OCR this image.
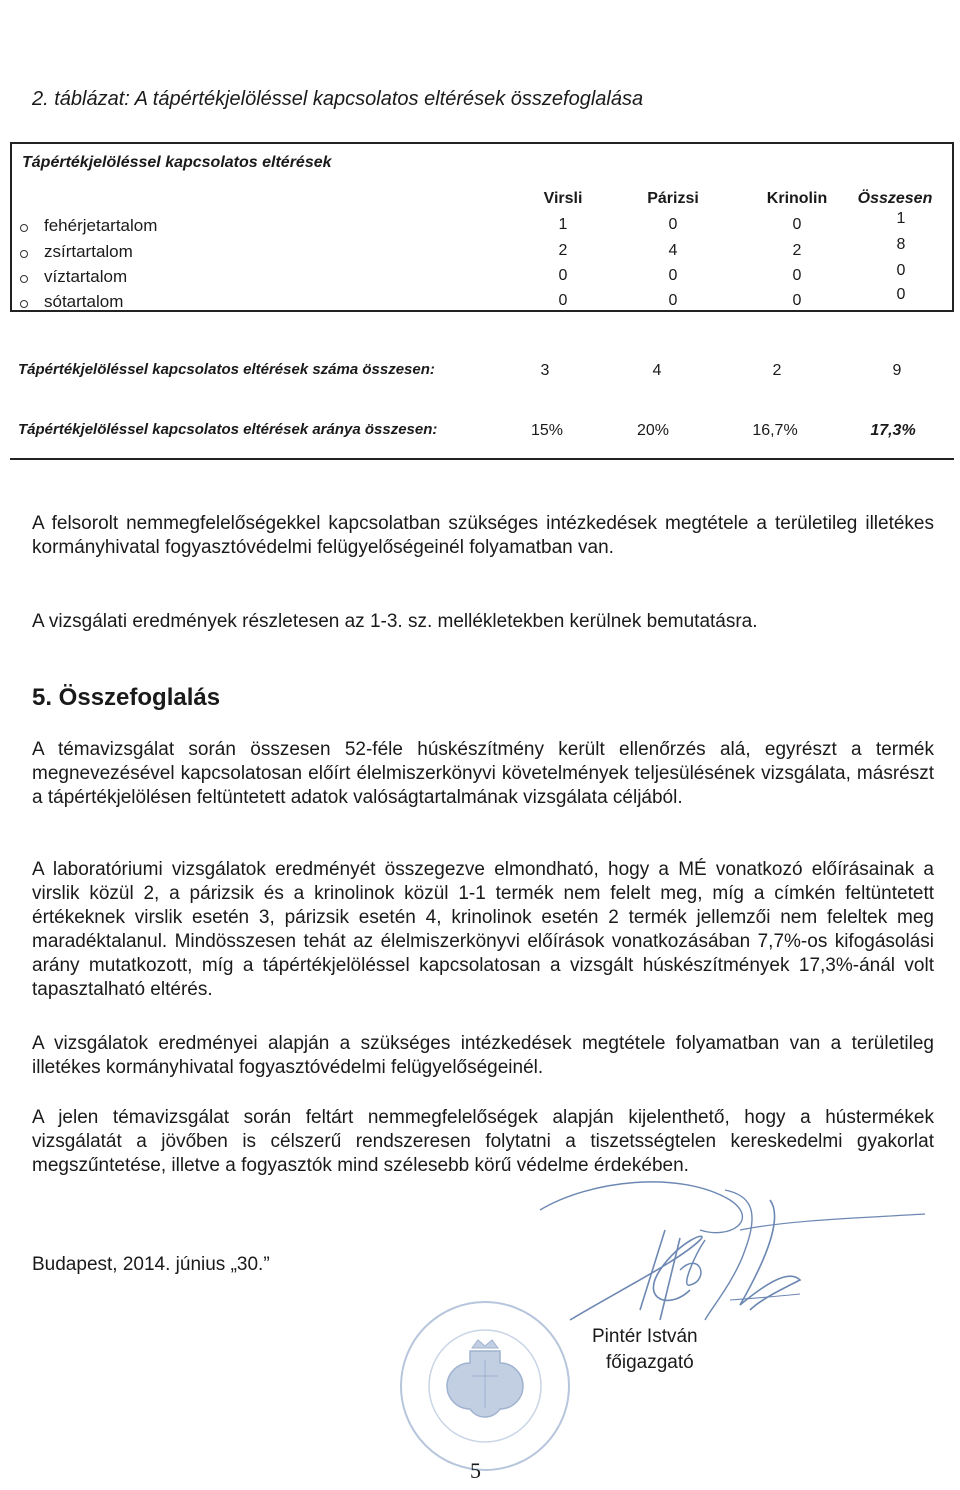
2. táblázat: A tápértékjelöléssel kapcsolatos eltérések összefoglalása
Tápértékjelöléssel kapcsolatos eltérések
Virsli	Párizsi	Krinolin	Összesen
fehérjetartalom	1	0	0	1
zsírtartalom	2	4	2	8
víztartalom	0	0	0	0
sótartalom	0	0	0	0
Tápértékjelöléssel kapcsolatos eltérések száma összesen:	3	4	2	9
Tápértékjelöléssel kapcsolatos eltérések aránya összesen:	15%	20%	16,7%	17,3%
A felsorolt nemmegfelelőségekkel kapcsolatban szükséges intézkedések megtétele a területileg illetékes kormányhivatal fogyasztóvédelmi felügyelőségeinél folyamatban van.
A vizsgálati eredmények részletesen az 1-3. sz. mellékletekben kerülnek bemutatásra.
5. Összefoglalás
A témavizsgálat során összesen 52-féle húskészítmény került ellenőrzés alá, egyrészt a termék megnevezésével kapcsolatosan előírt élelmiszerkönyvi követelmények teljesülésének vizsgálata, másrészt a tápértékjelölésen feltüntetett adatok valóságtartalmának vizsgálata céljából.
A laboratóriumi vizsgálatok eredményét összegezve elmondható, hogy a MÉ vonatkozó előírásainak a virslik közül 2, a párizsik és a krinolinok közül 1-1 termék nem felelt meg, míg a címkén feltüntetett értékeknek virslik esetén 3, párizsik esetén 4, krinolinok esetén 2 termék jellemzői nem feleltek meg maradéktalanul. Mindösszesen tehát az élelmiszerkönyvi előírások vonatkozásában 7,7%-os kifogásolási arány mutatkozott, míg a tápértékjelöléssel kapcsolatosan a vizsgált húskészítmények 17,3%-ánál volt tapasztalható eltérés.
A vizsgálatok eredményei alapján a szükséges intézkedések megtétele folyamatban van a területileg illetékes kormányhivatal fogyasztóvédelmi felügyelőségeinél.
A jelen témavizsgálat során feltárt nemmegfelelőségek alapján kijelenthető, hogy a hústermékek vizsgálatát a jövőben is célszerű rendszeresen folytatni a tiszetsségtelen kereskedelmi gyakorlat megszűntetése, illetve a fogyasztók mind szélesebb körű védelme érdekében.
Budapest, 2014. június „30.”
Pintér István
főigazgató
5
